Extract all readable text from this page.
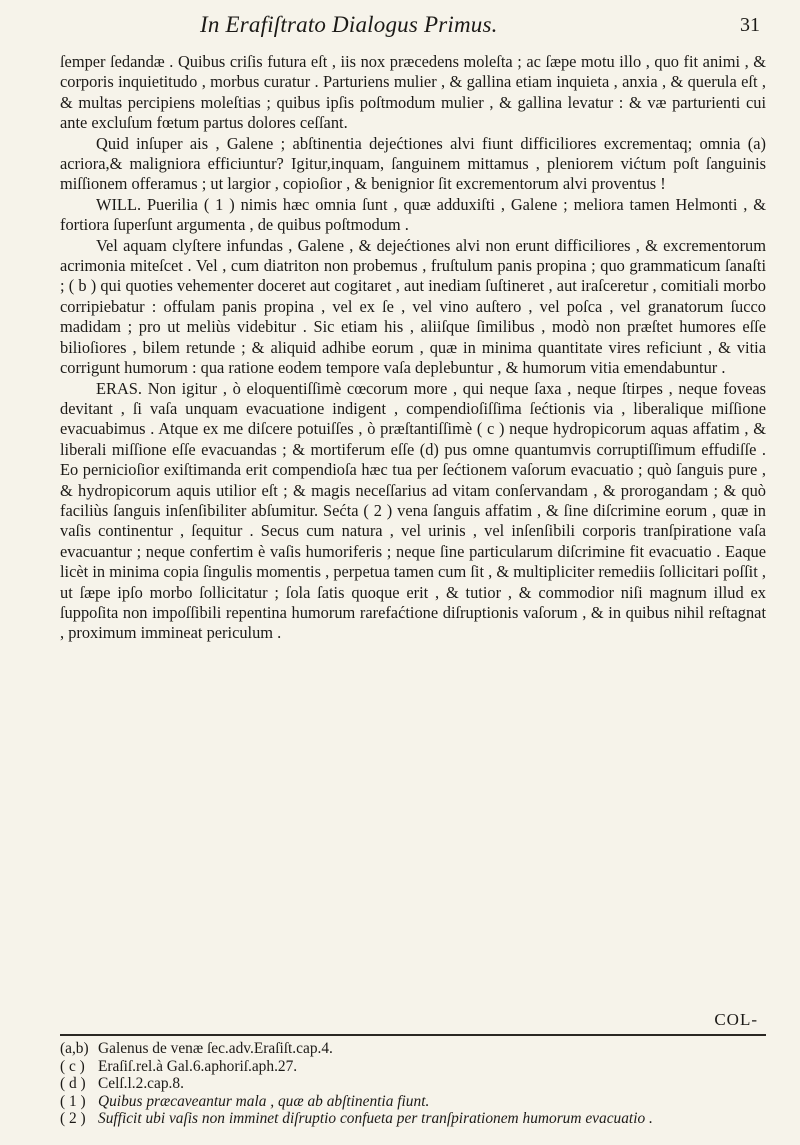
In Erafiſtrato Dialogus Primus.	31

ſemper ſedandæ . Quibus criſis futura eſt , iis nox præcedens moleſta ; ac ſæpe motu illo , quo fit animi , & corporis inquietitudo , morbus curatur . Parturiens mulier , & gallina etiam inquieta , anxia , & querula eſt , & multas percipiens moleſtias ; quibus ipſis poſtmodum mulier , & gallina levatur : & væ parturienti cui ante excluſum fœtum partus dolores ceſſant.

Quid inſuper ais , Galene ; abſtinentia dejećtiones alvi fiunt difficiliores excrementaq; omnia (a) acriora,& maligniora efficiuntur? Igitur,inquam, ſanguinem mittamus , pleniorem vićtum poſt ſanguinis miſſionem offeramus ; ut largior , copioſior , & benignior ſit excrementorum alvi proventus !

WILL. Puerilia ( 1 ) nimis hæc omnia ſunt , quæ adduxiſti , Galene ; meliora tamen Helmonti , & fortiora ſuperſunt argumenta , de quibus poſtmodum .

Vel aquam clyſtere infundas , Galene , & dejećtiones alvi non erunt difficiliores , & excrementorum acrimonia miteſcet . Vel , cum diatriton non probemus , fruſtulum panis propina ; quo grammaticum ſanaſti ; ( b ) qui quoties vehementer doceret aut cogitaret , aut inediam ſuſtineret , aut iraſceretur , comitiali morbo corripiebatur : offulam panis propina , vel ex ſe , vel vino auſtero , vel poſca , vel granatorum ſucco madidam ; pro ut meliùs videbitur . Sic etiam his , aliiſque ſimilibus , modò non præſtet humores eſſe bilioſiores , bilem retunde ; & aliquid adhibe eorum , quæ in minima quantitate vires reficiunt , & vitia corrigunt humorum : qua ratione eodem tempore vaſa deplebuntur , & humorum vitia emendabuntur .

ERAS. Non igitur , ò eloquentiſſimè cœcorum more , qui neque ſaxa , neque ſtirpes , neque foveas devitant , ſi vaſa unquam evacuatione indigent , compendioſiſſima ſećtionis via , liberalique miſſione evacuabimus . Atque ex me diſcere potuiſſes , ò præſtantiſſimè ( c ) neque hydropicorum aquas affatim , & liberali miſſione eſſe evacuandas ; & mortiferum eſſe (d) pus omne quantumvis corruptiſſimum effudiſſe . Eo pernicioſior exiſtimanda erit compendioſa hæc tua per ſećtionem vaſorum evacuatio ; quò ſanguis pure , & hydropicorum aquis utilior eſt ; & magis neceſſarius ad vitam conſervandam , & prorogandam ; & quò faciliùs ſanguis inſenſibiliter abſumitur. Sećta ( 2 ) vena ſanguis affatim , & ſine diſcrimine eorum , quæ in vaſis continentur , ſequitur . Secus cum natura , vel urinis , vel inſenſibili corporis tranſpiratione vaſa evacuantur ; neque confertim è vaſis humoriferis ; neque ſine particularum diſcrimine fit evacuatio . Eaque licèt in minima copia ſingulis momentis , perpetua tamen cum ſit , & multipliciter remediis ſollicitari poſſit , ut ſæpe ipſo morbo ſollicitatur ; ſola ſatis quoque erit , & tutior , & commodior niſi magnum illud ex ſuppoſita non impoſſibili repentina humorum rarefaćtione diſruptionis vaſorum , & in quibus nihil reſtagnat , proximum immineat periculum .

COL-
(a,b) Galenus de venæ ſec.adv.Eraſiſt.cap.4.
( c ) Eraſiſ.rel.à Gal.6.aphoriſ.aph.27.
( d ) Celſ.l.2.cap.8.
( 1 ) Quibus præcaveantur mala , quæ ab abſtinentia fiunt.
( 2 ) Sufficit ubi vaſis non imminet diſruptio confueta per tranſpirationem humorum evacuatio .
